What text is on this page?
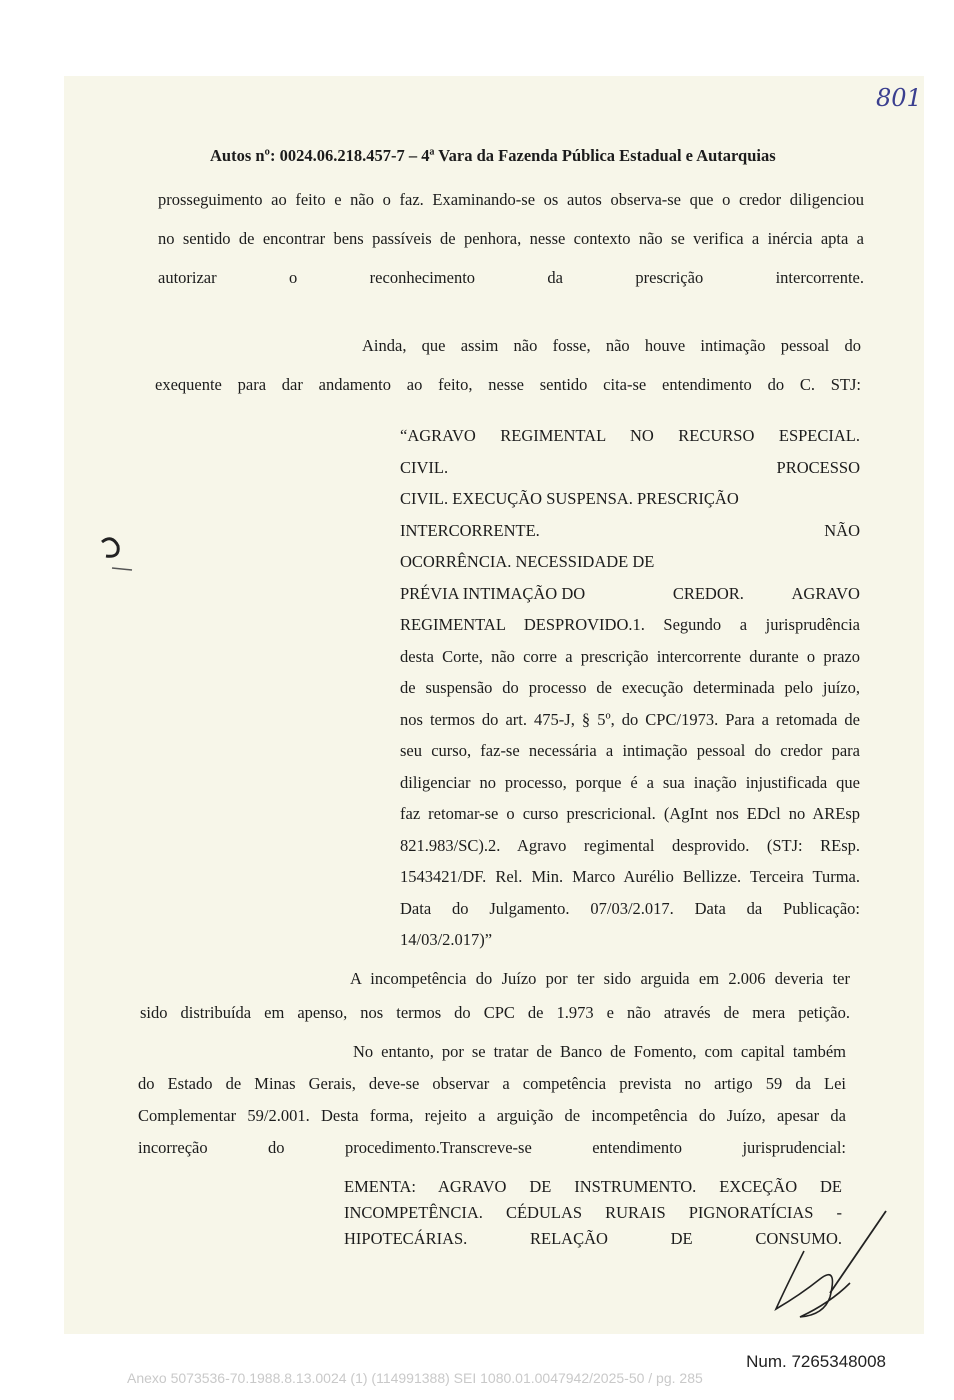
801
Autos nº: 0024.06.218.457-7 – 4ª Vara da Fazenda Pública Estadual e Autarquias
prosseguimento ao feito e não o faz. Examinando-se os autos observa-se que o credor diligenciou
no sentido de encontrar bens passíveis de penhora, nesse contexto não se verifica a inércia apta a
autorizar o reconhecimento da prescrição intercorrente.
Ainda, que assim não fosse, não houve intimação pessoal do
exequente para dar andamento ao feito, nesse sentido cita-se entendimento do C. STJ:
“AGRAVO REGIMENTAL NO RECURSO ESPECIAL.
CIVIL.	PROCESSO
CIVIL. EXECUÇÃO SUSPENSA. PRESCRIÇÃO
INTERCORRENTE.	NÃO
OCORRÊNCIA. NECESSIDADE DE
PRÉVIA INTIMAÇÃO DO	CREDOR.	AGRAVO
REGIMENTAL DESPROVIDO.1. Segundo a jurisprudência
desta Corte, não corre a prescrição intercorrente durante o prazo
de suspensão do processo de execução determinada pelo juízo,
nos termos do art. 475-J, § 5º, do CPC/1973. Para a retomada de
seu curso, faz-se necessária a intimação pessoal do credor para
diligenciar no processo, porque é a sua inação injustificada que
faz retomar-se o curso prescricional. (AgInt nos EDcl no AREsp
821.983/SC).2. Agravo regimental desprovido. (STJ: REsp.
1543421/DF. Rel. Min. Marco Aurélio Bellizze. Terceira Turma.
Data do Julgamento. 07/03/2.017. Data da Publicação:
14/03/2.017)”
A incompetência do Juízo por ter sido arguida em 2.006 deveria ter
sido distribuída em apenso, nos termos do CPC de 1.973 e não através de mera petição.
No entanto, por se tratar de Banco de Fomento, com capital também
do Estado de Minas Gerais, deve-se observar a competência prevista no artigo 59 da Lei
Complementar 59/2.001. Desta forma, rejeito a arguição de incompetência do Juízo, apesar da
incorreção do procedimento.Transcreve-se entendimento jurisprudencial:
EMENTA: AGRAVO DE INSTRUMENTO. EXCEÇÃO DE
INCOMPETÊNCIA. CÉDULAS RURAIS PIGNORATÍCIAS -
HIPOTECÁRIAS.	RELAÇÃO	DE	CONSUMO.
Num. 7265348008
Anexo 5073536-70.1988.8.13.0024 (1) (114991388) SEI 1080.01.0047942/2025-50 / pg. 285
